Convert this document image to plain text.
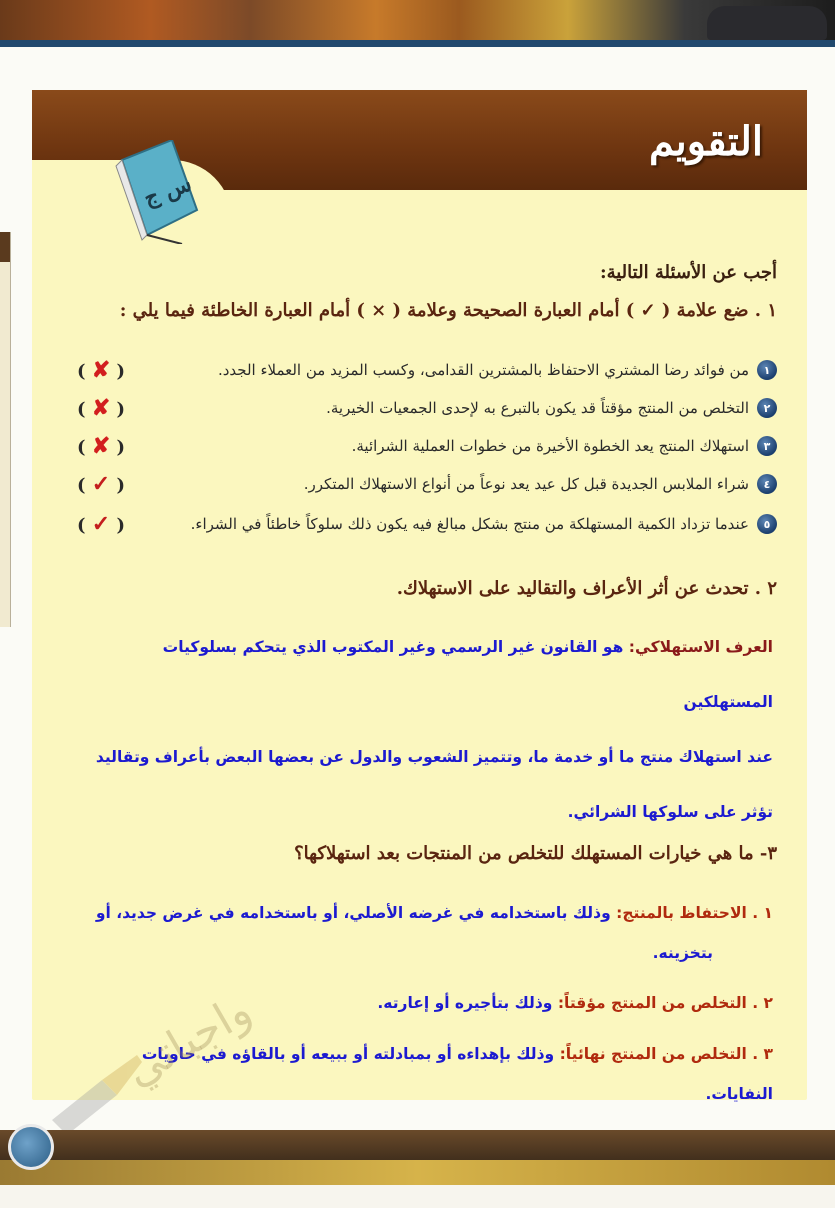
التقويم
س ج
أجب عن الأسئلة التالية:
١ . ضع علامة ( ✓ ) أمام العبارة الصحيحة وعلامة ( × ) أمام العبارة الخاطئة فيما يلي :
١
من فوائد رضا المشتري الاحتفاظ بالمشترين القدامى، وكسب المزيد من العملاء الجدد.
( ✘ )
٢
التخلص من المنتج مؤقتاً قد يكون بالتبرع به لإحدى الجمعيات الخيرية.
( ✘ )
٣
استهلاك المنتج يعد الخطوة الأخيرة من خطوات العملية الشرائية.
( ✘ )
٤
شراء الملابس الجديدة قبل كل عيد يعد نوعاً من أنواع الاستهلاك المتكرر.
( ✓ )
٥
عندما تزداد الكمية المستهلكة من منتج بشكل مبالغ فيه يكون ذلك سلوكاً خاطئاً في الشراء.
( ✓ )
٢ . تحدث عن أثر الأعراف والتقاليد على الاستهلاك.
العرف الاستهلاكي: هو القانون غير الرسمي وغير المكتوب الذي يتحكم بسلوكيات المستهلكين
عند استهلاك منتج ما أو خدمة ما، وتتميز الشعوب والدول عن بعضها البعض بأعراف وتقاليد
تؤثر على سلوكها الشرائي.
٣- ما هي خيارات المستهلك للتخلص من المنتجات بعد استهلاكها؟
١ . الاحتفاظ بالمنتج: وذلك باستخدامه في غرضه الأصلي، أو باستخدامه في غرض جديد، أو
بتخزينه.
٢ . التخلص من المنتج مؤقتاً: وذلك بتأجيره أو إعارته.
٣ . التخلص من المنتج نهائياً: وذلك بإهداءه أو بمبادلته أو ببيعه أو بالقاؤه في حاويات النفايات.
واجباتي
